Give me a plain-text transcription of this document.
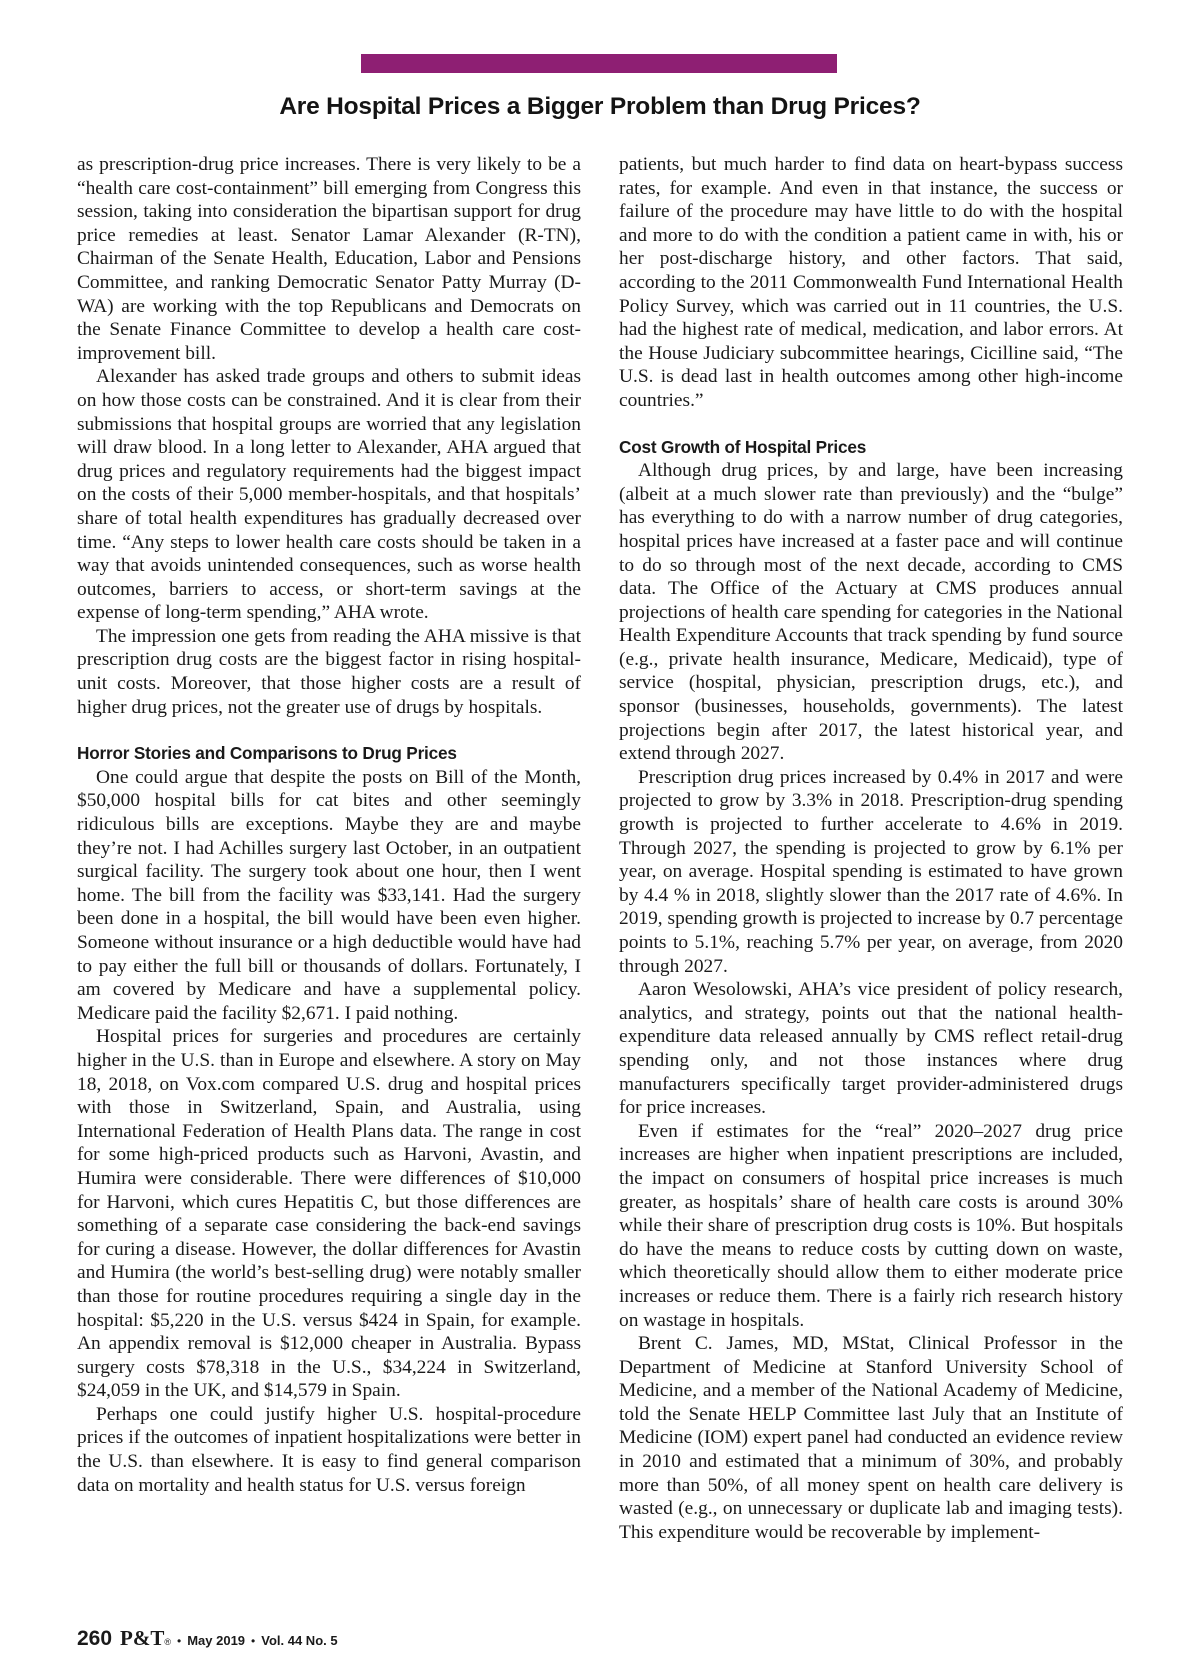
Are Hospital Prices a Bigger Problem than Drug Prices?

as prescription-drug price increases. There is very likely to be a “health care cost-containment” bill emerging from Congress this session, taking into consideration the bipartisan support for drug price remedies at least. Senator Lamar Alexander (R-TN), Chairman of the Senate Health, Education, Labor and Pensions Committee, and ranking Democratic Senator Patty Murray (D-WA) are working with the top Republicans and Democrats on the Senate Finance Committee to develop a health care cost-improvement bill.

Alexander has asked trade groups and others to submit ideas on how those costs can be constrained. And it is clear from their submissions that hospital groups are worried that any legislation will draw blood. In a long letter to Alexander, AHA argued that drug prices and regulatory requirements had the biggest impact on the costs of their 5,000 member-hospitals, and that hospitals’ share of total health expenditures has gradually decreased over time. “Any steps to lower health care costs should be taken in a way that avoids unintended consequences, such as worse health outcomes, barriers to access, or short-term savings at the expense of long-term spending,” AHA wrote.

The impression one gets from reading the AHA missive is that prescription drug costs are the biggest factor in rising hospital-unit costs. Moreover, that those higher costs are a result of higher drug prices, not the greater use of drugs by hospitals.

Horror Stories and Comparisons to Drug Prices

One could argue that despite the posts on Bill of the Month, $50,000 hospital bills for cat bites and other seemingly ridiculous bills are exceptions. Maybe they are and maybe they’re not. I had Achilles surgery last October, in an outpatient surgical facility. The surgery took about one hour, then I went home. The bill from the facility was $33,141. Had the surgery been done in a hospital, the bill would have been even higher. Someone without insurance or a high deductible would have had to pay either the full bill or thousands of dollars. Fortunately, I am covered by Medicare and have a supplemental policy. Medicare paid the facility $2,671. I paid nothing.

Hospital prices for surgeries and procedures are certainly higher in the U.S. than in Europe and elsewhere. A story on May 18, 2018, on Vox.com compared U.S. drug and hospital prices with those in Switzerland, Spain, and Australia, using International Federation of Health Plans data. The range in cost for some high-priced products such as Harvoni, Avastin, and Humira were considerable. There were differences of $10,000 for Harvoni, which cures Hepatitis C, but those differences are something of a separate case considering the back-end savings for curing a disease. However, the dollar differences for Avastin and Humira (the world’s best-selling drug) were notably smaller than those for routine procedures requiring a single day in the hospital: $5,220 in the U.S. versus $424 in Spain, for example. An appendix removal is $12,000 cheaper in Australia. Bypass surgery costs $78,318 in the U.S., $34,224 in Switzerland, $24,059 in the UK, and $14,579 in Spain.

Perhaps one could justify higher U.S. hospital-procedure prices if the outcomes of inpatient hospitalizations were better in the U.S. than elsewhere. It is easy to find general comparison data on mortality and health status for U.S. versus foreign

patients, but much harder to find data on heart-bypass success rates, for example. And even in that instance, the success or failure of the procedure may have little to do with the hospital and more to do with the condition a patient came in with, his or her post-discharge history, and other factors. That said, according to the 2011 Commonwealth Fund International Health Policy Survey, which was carried out in 11 countries, the U.S. had the highest rate of medical, medication, and labor errors. At the House Judiciary subcommittee hearings, Cicilline said, “The U.S. is dead last in health outcomes among other high-income countries.”

Cost Growth of Hospital Prices

Although drug prices, by and large, have been increasing (albeit at a much slower rate than previously) and the “bulge” has everything to do with a narrow number of drug categories, hospital prices have increased at a faster pace and will continue to do so through most of the next decade, according to CMS data. The Office of the Actuary at CMS produces annual projections of health care spending for categories in the National Health Expenditure Accounts that track spending by fund source (e.g., private health insurance, Medicare, Medicaid), type of service (hospital, physician, prescription drugs, etc.), and sponsor (businesses, households, governments). The latest projections begin after 2017, the latest historical year, and extend through 2027.

Prescription drug prices increased by 0.4% in 2017 and were projected to grow by 3.3% in 2018. Prescription-drug spending growth is projected to further accelerate to 4.6% in 2019. Through 2027, the spending is projected to grow by 6.1% per year, on average. Hospital spending is estimated to have grown by 4.4 % in 2018, slightly slower than the 2017 rate of 4.6%. In 2019, spending growth is projected to increase by 0.7 percentage points to 5.1%, reaching 5.7% per year, on average, from 2020 through 2027.

Aaron Wesolowski, AHA’s vice president of policy research, analytics, and strategy, points out that the national health-expenditure data released annually by CMS reflect retail-drug spending only, and not those instances where drug manufacturers specifically target provider-administered drugs for price increases.

Even if estimates for the “real” 2020–2027 drug price increases are higher when inpatient prescriptions are included, the impact on consumers of hospital price increases is much greater, as hospitals’ share of health care costs is around 30% while their share of prescription drug costs is 10%. But hospitals do have the means to reduce costs by cutting down on waste, which theoretically should allow them to either moderate price increases or reduce them. There is a fairly rich research history on wastage in hospitals.

Brent C. James, MD, MStat, Clinical Professor in the Department of Medicine at Stanford University School of Medicine, and a member of the National Academy of Medicine, told the Senate HELP Committee last July that an Institute of Medicine (IOM) expert panel had conducted an evidence review in 2010 and estimated that a minimum of 30%, and probably more than 50%, of all money spent on health care delivery is wasted (e.g., on unnecessary or duplicate lab and imaging tests). This expenditure would be recoverable by implement-

260 P&T® • May 2019 • Vol. 44 No. 5
